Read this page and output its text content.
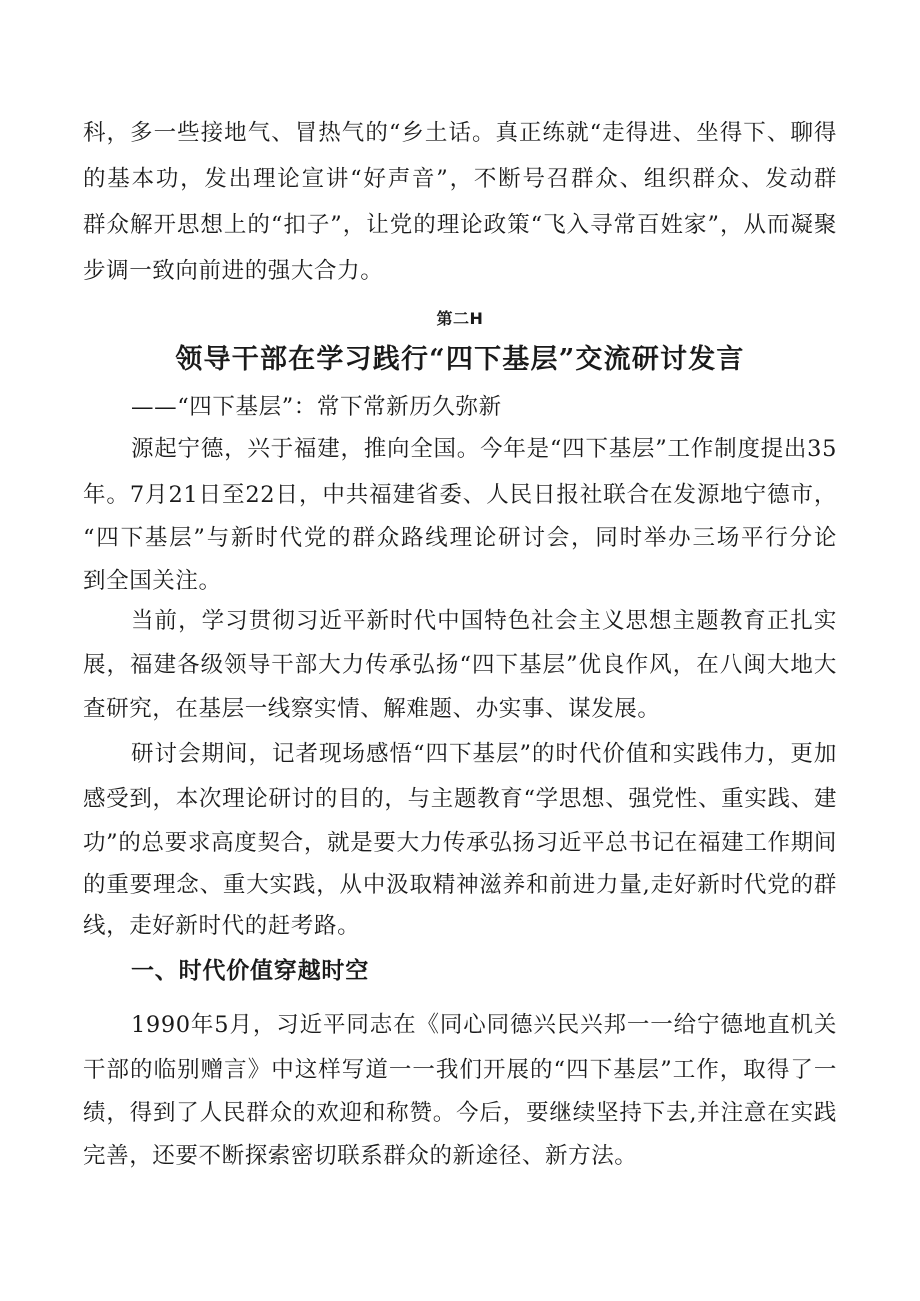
科，多一些接地气、冒热气的“乡土话。真正练就“走得进、坐得下、聊得
的基本功，发出理论宣讲“好声音”，不断号召群众、组织群众、发动群
群众解开思想上的“扣子”，让党的理论政策“飞入寻常百姓家”，从而凝聚
步调一致向前进的强大合力。
第二H
领导干部在学习践行“四下基层”交流研讨发言
——“四下基层”：常下常新历久弥新
源起宁德，兴于福建，推向全国。今年是“四下基层”工作制度提出35
年。7月21日至22日，中共福建省委、人民日报社联合在发源地宁德市，
“四下基层”与新时代党的群众路线理论研讨会，同时举办三场平行分论
到全国关注。
当前，学习贯彻习近平新时代中国特色社会主义思想主题教育正扎实
展，福建各级领导干部大力传承弘扬“四下基层”优良作风，在八闽大地大
查研究，在基层一线察实情、解难题、办实事、谋发展。
研讨会期间，记者现场感悟“四下基层”的时代价值和实践伟力，更加
感受到，本次理论研讨的目的，与主题教育“学思想、强党性、重实践、建
功”的总要求高度契合，就是要大力传承弘扬习近平总书记在福建工作期间
的重要理念、重大实践，从中汲取精神滋养和前进力量,走好新时代党的群
线，走好新时代的赶考路。
一、时代价值穿越时空
1990年5月，习近平同志在《同心同德兴民兴邦一一给宁德地直机关
干部的临别赠言》中这样写道一一我们开展的“四下基层”工作，取得了一
绩，得到了人民群众的欢迎和称赞。今后，要继续坚持下去,并注意在实践
完善，还要不断探索密切联系群众的新途径、新方法。
